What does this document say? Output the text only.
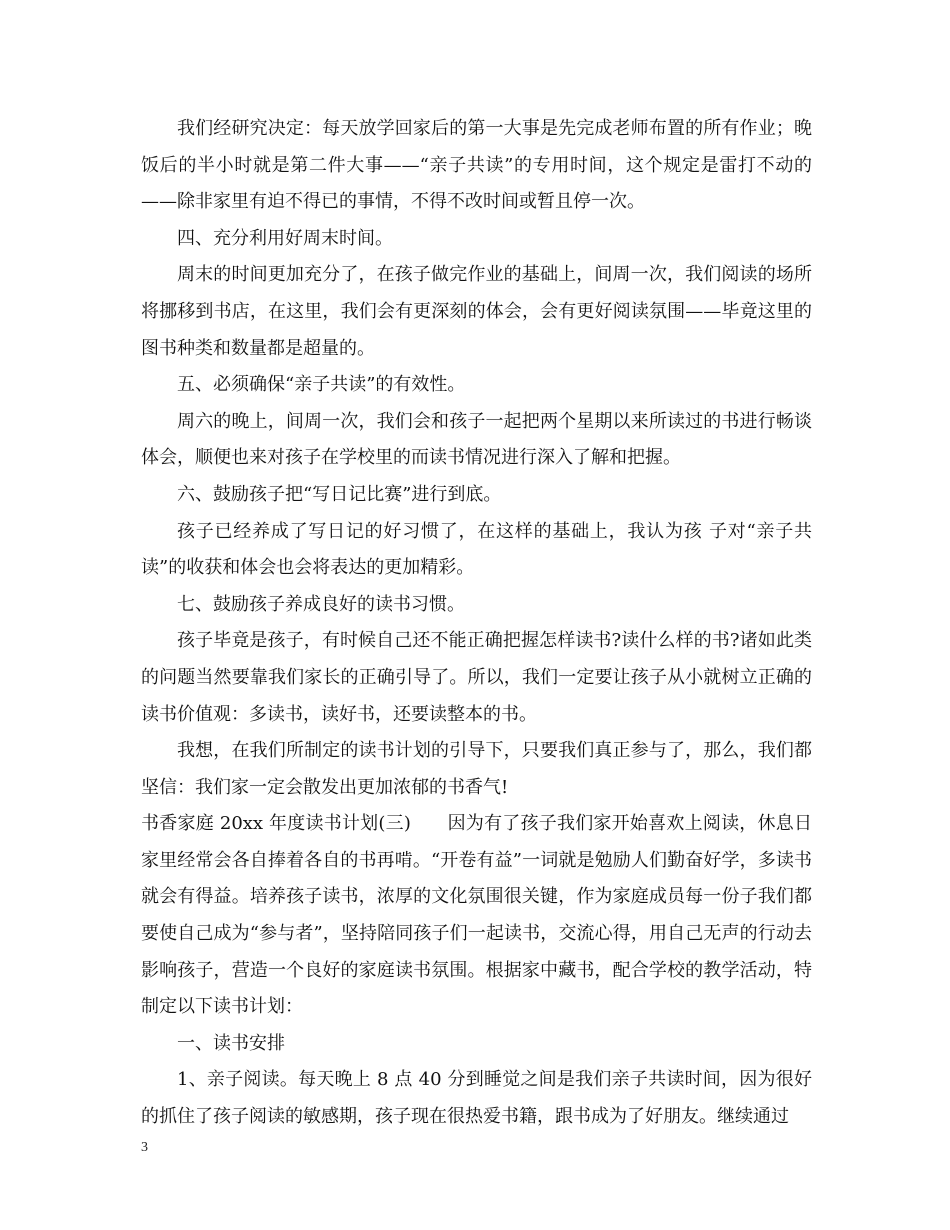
我们经研究决定：每天放学回家后的第一大事是先完成老师布置的所有作业；晚饭后的半小时就是第二件大事——“亲子共读”的专用时间，这个规定是雷打不动的——除非家里有迫不得已的事情，不得不改时间或暂且停一次。

四、充分利用好周末时间。

周末的时间更加充分了，在孩子做完作业的基础上，间周一次，我们阅读的场所将挪移到书店，在这里，我们会有更深刻的体会，会有更好阅读氛围——毕竟这里的图书种类和数量都是超量的。

五、必须确保“亲子共读”的有效性。

周六的晚上，间周一次，我们会和孩子一起把两个星期以来所读过的书进行畅谈体会，顺便也来对孩子在学校里的而读书情况进行深入了解和把握。

六、鼓励孩子把“写日记比赛”进行到底。

孩子已经养成了写日记的好习惯了，在这样的基础上，我认为孩 子对“亲子共读”的收获和体会也会将表达的更加精彩。

七、鼓励孩子养成良好的读书习惯。

孩子毕竟是孩子，有时候自己还不能正确把握怎样读书?读什么样的书?诸如此类的问题当然要靠我们家长的正确引导了。所以，我们一定要让孩子从小就树立正确的读书价值观：多读书，读好书，还要读整本的书。

我想，在我们所制定的读书计划的引导下，只要我们真正参与了，那么，我们都坚信：我们家一定会散发出更加浓郁的书香气!

书香家庭 20xx 年度读书计划(三)　　因为有了孩子我们家开始喜欢上阅读，休息日家里经常会各自捧着各自的书再啃。“开卷有益”一词就是勉励人们勤奋好学，多读书就会有得益。培养孩子读书，浓厚的文化氛围很关键，作为家庭成员每一份子我们都要使自己成为“参与者”，坚持陪同孩子们一起读书，交流心得，用自己无声的行动去影响孩子，营造一个良好的家庭读书氛围。根据家中藏书，配合学校的教学活动，特制定以下读书计划：

一、读书安排

1、亲子阅读。每天晚上 8 点 40 分到睡觉之间是我们亲子共读时间，因为很好的抓住了孩子阅读的敏感期，孩子现在很热爱书籍，跟书成为了好朋友。继续通过

3
